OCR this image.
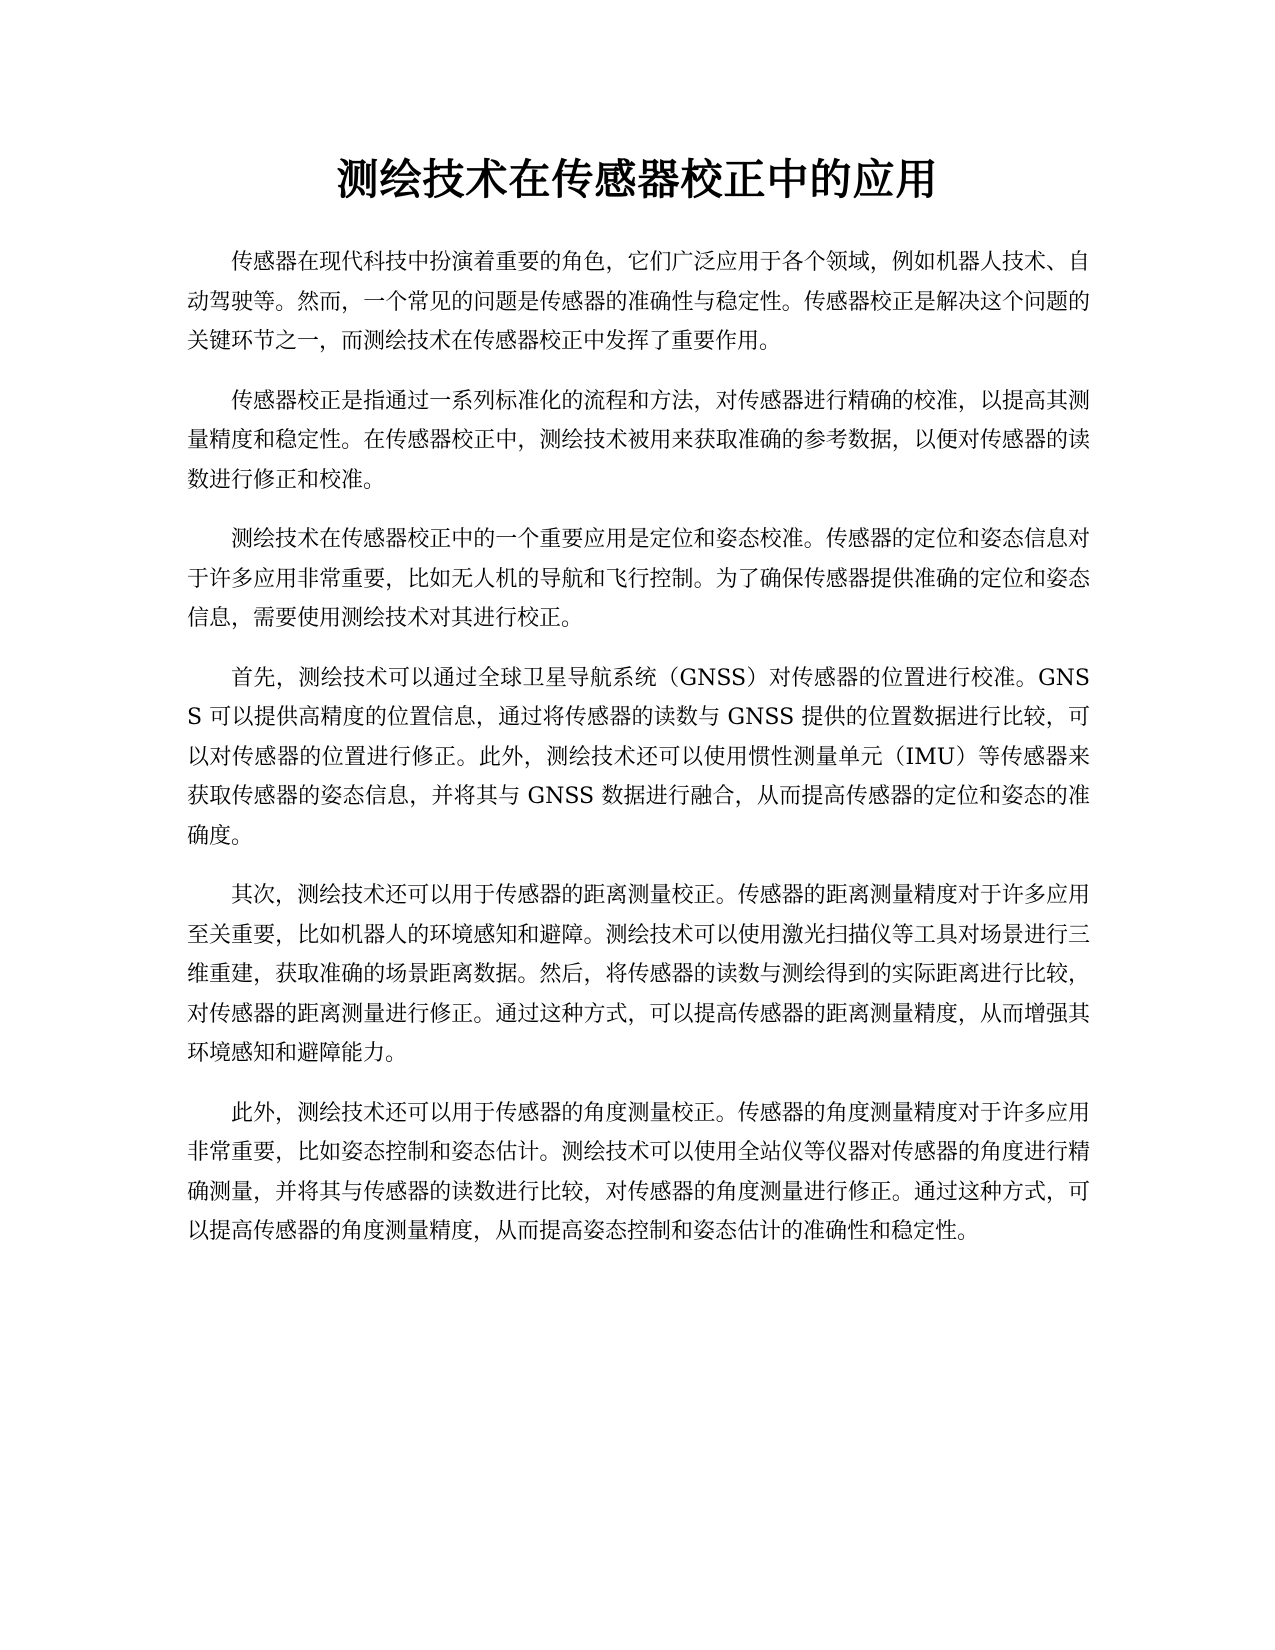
测绘技术在传感器校正中的应用

传感器在现代科技中扮演着重要的角色，它们广泛应用于各个领域，例如机器人技术、自动驾驶等。然而，一个常见的问题是传感器的准确性与稳定性。传感器校正是解决这个问题的关键环节之一，而测绘技术在传感器校正中发挥了重要作用。

传感器校正是指通过一系列标准化的流程和方法，对传感器进行精确的校准，以提高其测量精度和稳定性。在传感器校正中，测绘技术被用来获取准确的参考数据，以便对传感器的读数进行修正和校准。

测绘技术在传感器校正中的一个重要应用是定位和姿态校准。传感器的定位和姿态信息对于许多应用非常重要，比如无人机的导航和飞行控制。为了确保传感器提供准确的定位和姿态信息，需要使用测绘技术对其进行校正。

首先，测绘技术可以通过全球卫星导航系统（GNSS）对传感器的位置进行校准。GNSS 可以提供高精度的位置信息，通过将传感器的读数与 GNSS 提供的位置数据进行比较，可以对传感器的位置进行修正。此外，测绘技术还可以使用惯性测量单元（IMU）等传感器来获取传感器的姿态信息，并将其与 GNSS 数据进行融合，从而提高传感器的定位和姿态的准确度。

其次，测绘技术还可以用于传感器的距离测量校正。传感器的距离测量精度对于许多应用至关重要，比如机器人的环境感知和避障。测绘技术可以使用激光扫描仪等工具对场景进行三维重建，获取准确的场景距离数据。然后，将传感器的读数与测绘得到的实际距离进行比较，对传感器的距离测量进行修正。通过这种方式，可以提高传感器的距离测量精度，从而增强其环境感知和避障能力。

此外，测绘技术还可以用于传感器的角度测量校正。传感器的角度测量精度对于许多应用非常重要，比如姿态控制和姿态估计。测绘技术可以使用全站仪等仪器对传感器的角度进行精确测量，并将其与传感器的读数进行比较，对传感器的角度测量进行修正。通过这种方式，可以提高传感器的角度测量精度，从而提高姿态控制和姿态估计的准确性和稳定性。
